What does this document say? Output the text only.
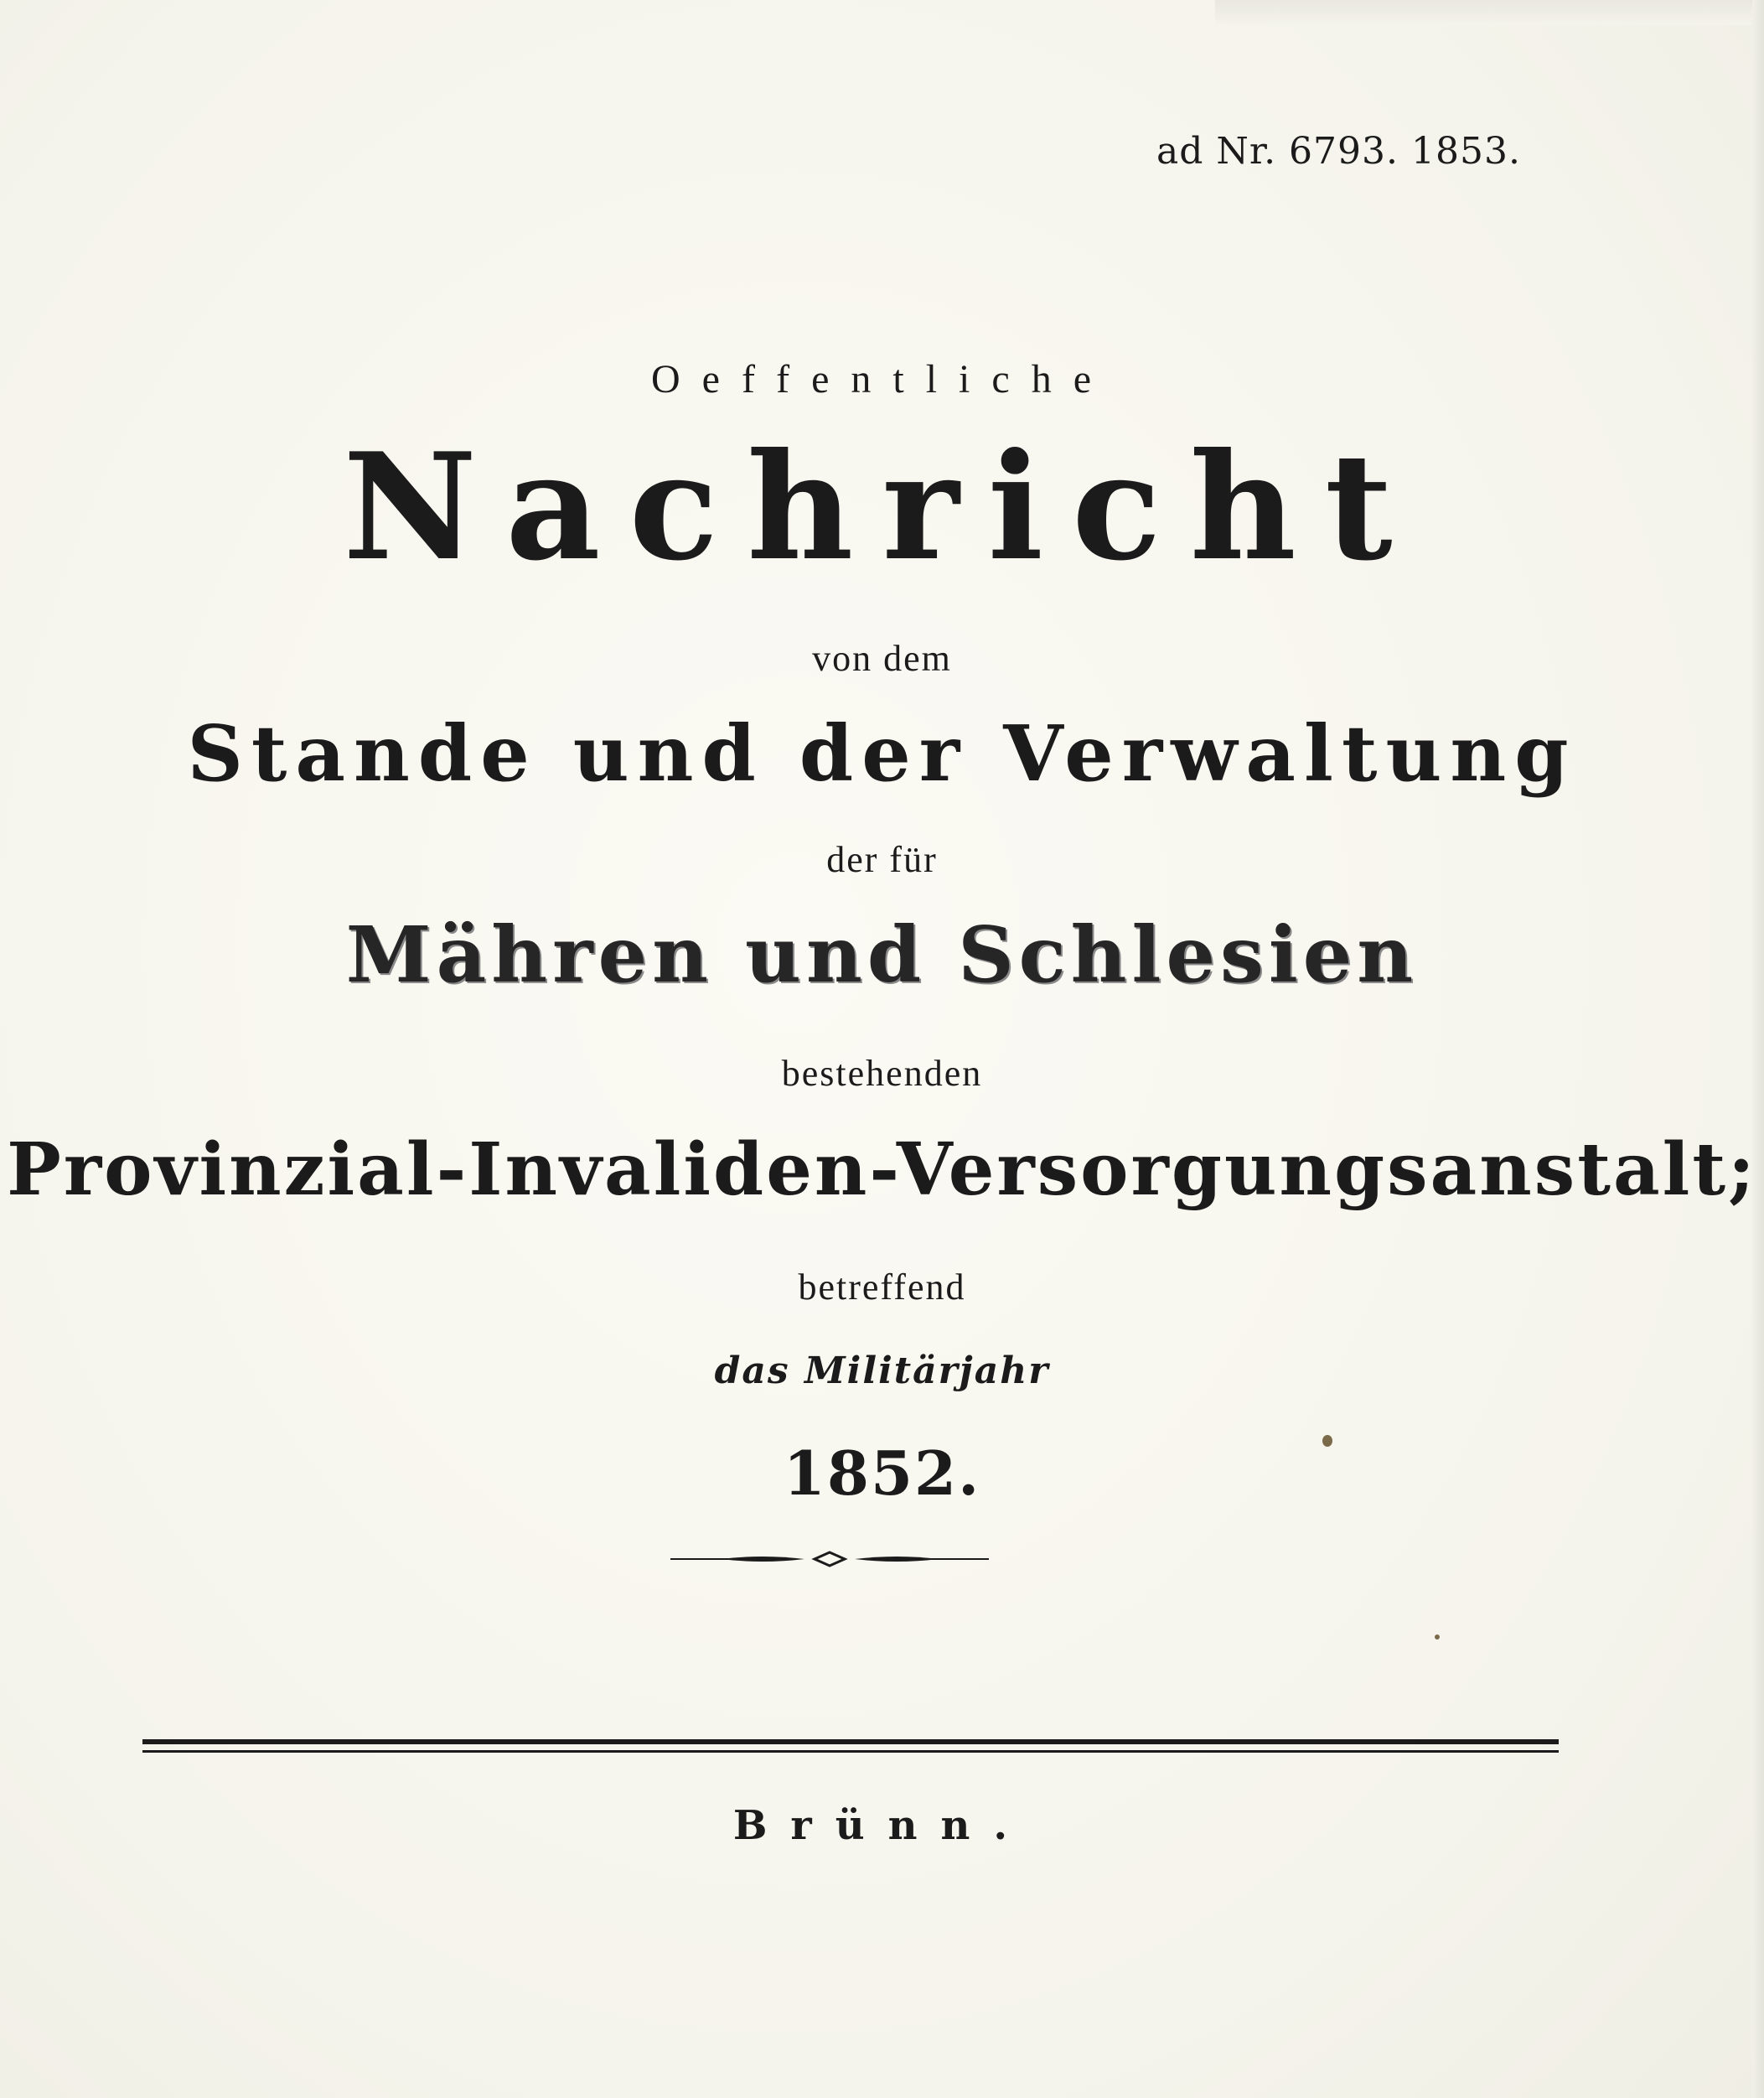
ad Nr. 6793. 1853.
Oeffentliche
Nachricht
von dem
Stande und der Verwaltung
der für
Mähren und Schlesien
bestehenden
Provinzial-Invaliden-Versorgungsanstalt;
betreffend
das Militärjahr
1852.
Brünn.
